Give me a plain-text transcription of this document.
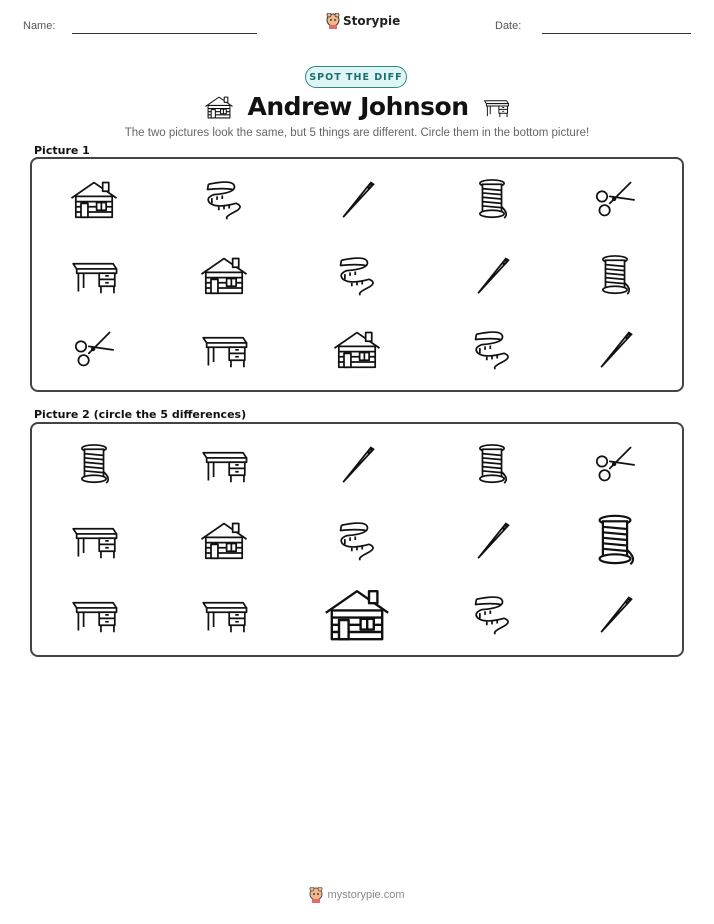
Name:	Storypie	Date:
SPOT THE DIFF
Andrew Johnson
The two pictures look the same, but 5 things are different. Circle them in the bottom picture!
Picture 1
Picture 2 (circle the 5 differences)
mystorypie.com
